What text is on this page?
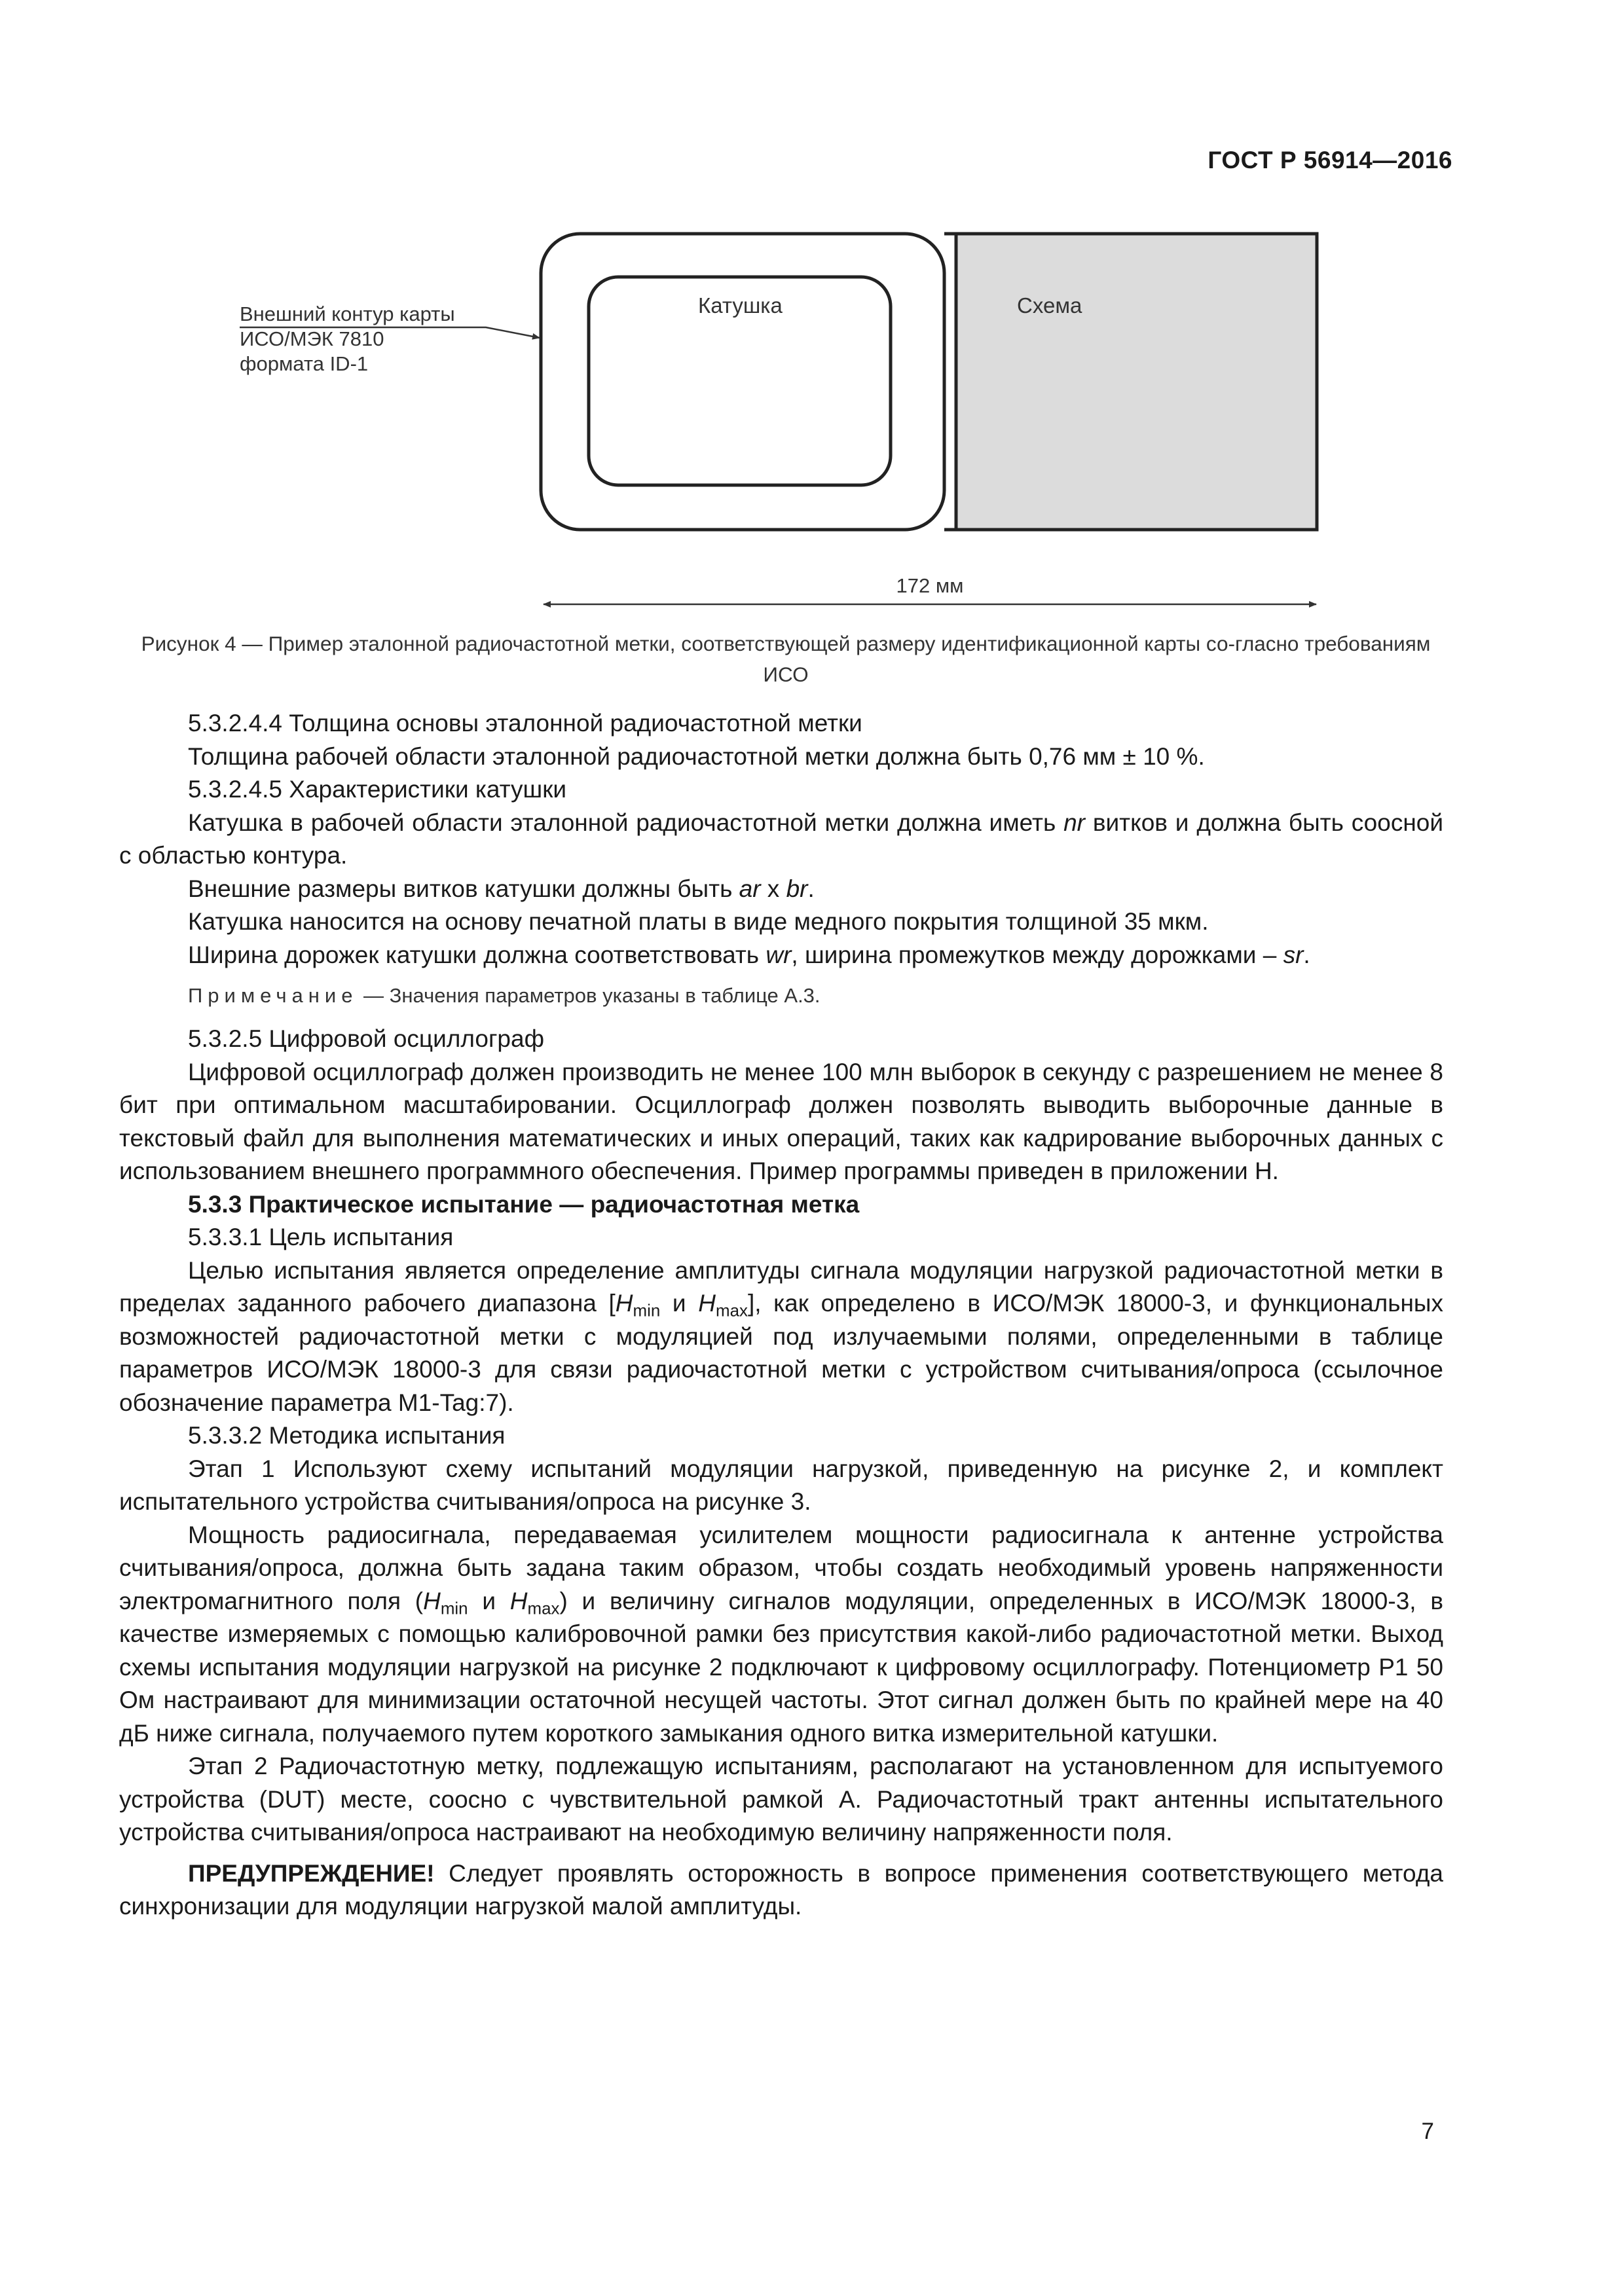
ГОСТ Р 56914—2016
Катушка	Схема
Внешний контур карты
ИСО/МЭК 7810
формата ID-1
172 мм
Рисунок 4 — Пример эталонной радиочастотной метки, соответствующей размеру идентификационной карты со-гласно требованиям ИСО

5.3.2.4.4 Толщина основы эталонной радиочастотной метки

Толщина рабочей области эталонной радиочастотной метки должна быть 0,76 мм ± 10 %.

5.3.2.4.5 Характеристики катушки

Катушка в рабочей области эталонной радиочастотной метки должна иметь nr витков и должна быть соосной с областью контура.

Внешние размеры витков катушки должны быть ar x br.

Катушка наносится на основу печатной платы в виде медного покрытия толщиной 35 мкм.

Ширина дорожек катушки должна соответствовать wr, ширина промежутков между дорожками – sr.

Примечание — Значения параметров указаны в таблице А.3.

5.3.2.5 Цифровой осциллограф

Цифровой осциллограф должен производить не менее 100 млн выборок в секунду с разрешением не менее 8 бит при оптимальном масштабировании. Осциллограф должен позволять выводить выборочные данные в текстовый файл для выполнения математических и иных операций, таких как кадрирование выборочных данных с использованием внешнего программного обеспечения. Пример программы приведен в приложении Н.

5.3.3 Практическое испытание — радиочастотная метка

5.3.3.1 Цель испытания

Целью испытания является определение амплитуды сигнала модуляции нагрузкой радиочастотной метки в пределах заданного рабочего диапазона [$H_{min}$ и $H_{max}$], как определено в ИСО/МЭК 18000-3, и функциональных возможностей радиочастотной метки с модуляцией под излучаемыми полями, определенными в таблице параметров ИСО/МЭК 18000-3 для связи радиочастотной метки с устройством считывания/опроса (ссылочное обозначение параметра M1-Tag:7).

5.3.3.2 Методика испытания

Этап 1 Используют схему испытаний модуляции нагрузкой, приведенную на рисунке 2, и комплект испытательного устройства считывания/опроса на рисунке 3.

Мощность радиосигнала, передаваемая усилителем мощности радиосигнала к антенне устройства считывания/опроса, должна быть задана таким образом, чтобы создать необходимый уровень напряженности электромагнитного поля ($H_{min}$ и $H_{max}$) и величину сигналов модуляции, определенных в ИСО/МЭК 18000-3, в качестве измеряемых с помощью калибровочной рамки без присутствия какой-либо радиочастотной метки. Выход схемы испытания модуляции нагрузкой на рисунке 2 подключают к цифровому осциллографу. Потенциометр P1 50 Ом настраивают для минимизации остаточной несущей частоты. Этот сигнал должен быть по крайней мере на 40 дБ ниже сигнала, получаемого путем короткого замыкания одного витка измерительной катушки.

Этап 2 Радиочастотную метку, подлежащую испытаниям, располагают на установленном для испытуемого устройства (DUT) месте, соосно с чувствительной рамкой А. Радиочастотный тракт антенны испытательного устройства считывания/опроса настраивают на необходимую величину напряженности поля.

ПРЕДУПРЕЖДЕНИЕ! Следует проявлять осторожность в вопросе применения соответствующего метода синхронизации для модуляции нагрузкой малой амплитуды.

7
